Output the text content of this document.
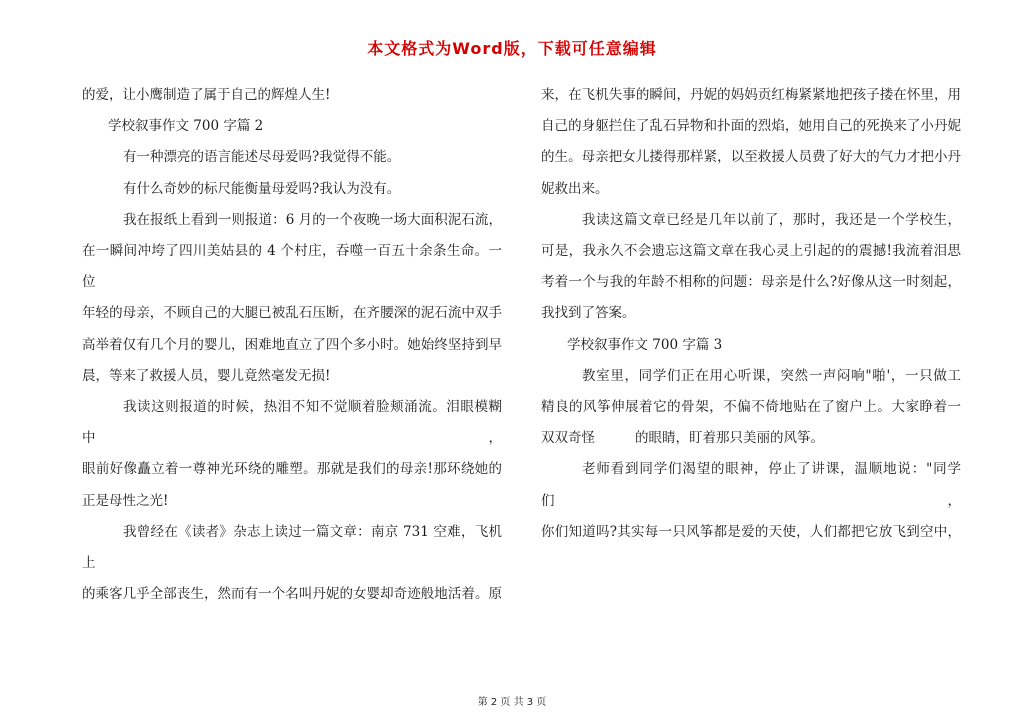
本文格式为Word版，下载可任意编辑

的爱，让小鹰制造了属于自己的辉煌人生!

学校叙事作文 700 字篇 2

有一种漂亮的语言能述尽母爱吗?我觉得不能。

有什么奇妙的标尺能衡量母爱吗?我认为没有。

我在报纸上看到一则报道：6 月的一个夜晚一场大面积泥石流，

在一瞬间冲垮了四川美姑县的 4 个村庄，吞噬一百五十余条生命。一位

年轻的母亲，不顾自己的大腿已被乱石压断，在齐腰深的泥石流中双手

高举着仅有几个月的婴儿，困难地直立了四个多小时。她始终坚持到早

晨，等来了救援人员，婴儿竟然毫发无损!

我读这则报道的时候，热泪不知不觉顺着脸颊涌流。泪眼模糊中，

眼前好像矗立着一尊神光环绕的雕塑。那就是我们的母亲!那环绕她的

正是母性之光!

我曾经在《读者》杂志上读过一篇文章：南京 731 空难，飞机上

的乘客几乎全部丧生，然而有一个名叫丹妮的女婴却奇迹般地活着。原

来，在飞机失事的瞬间，丹妮的妈妈贡红梅紧紧地把孩子搂在怀里，用

自己的身躯拦住了乱石异物和扑面的烈焰，她用自己的死换来了小丹妮

的生。母亲把女儿搂得那样紧，以至救援人员费了好大的气力才把小丹

妮救出来。

我读这篇文章已经是几年以前了，那时，我还是一个学校生，

可是，我永久不会遗忘这篇文章在我心灵上引起的的震撼!我流着泪思

考着一个与我的年龄不相称的问题：母亲是什么?好像从这一时刻起，

我找到了答案。

学校叙事作文 700 字篇 3

教室里，同学们正在用心听课，突然一声闷响"啪'，一只做工

精良的风筝伸展着它的骨架，不偏不倚地贴在了窗户上。大家睁着一

双双奇怪	的眼睛，盯着那只美丽的风筝。

老师看到同学们渴望的眼神，停止了讲课，温顺地说："同学们，

你们知道吗?其实每一只风筝都是爱的天使，人们都把它放飞到空中，

第 2 页 共 3 页
